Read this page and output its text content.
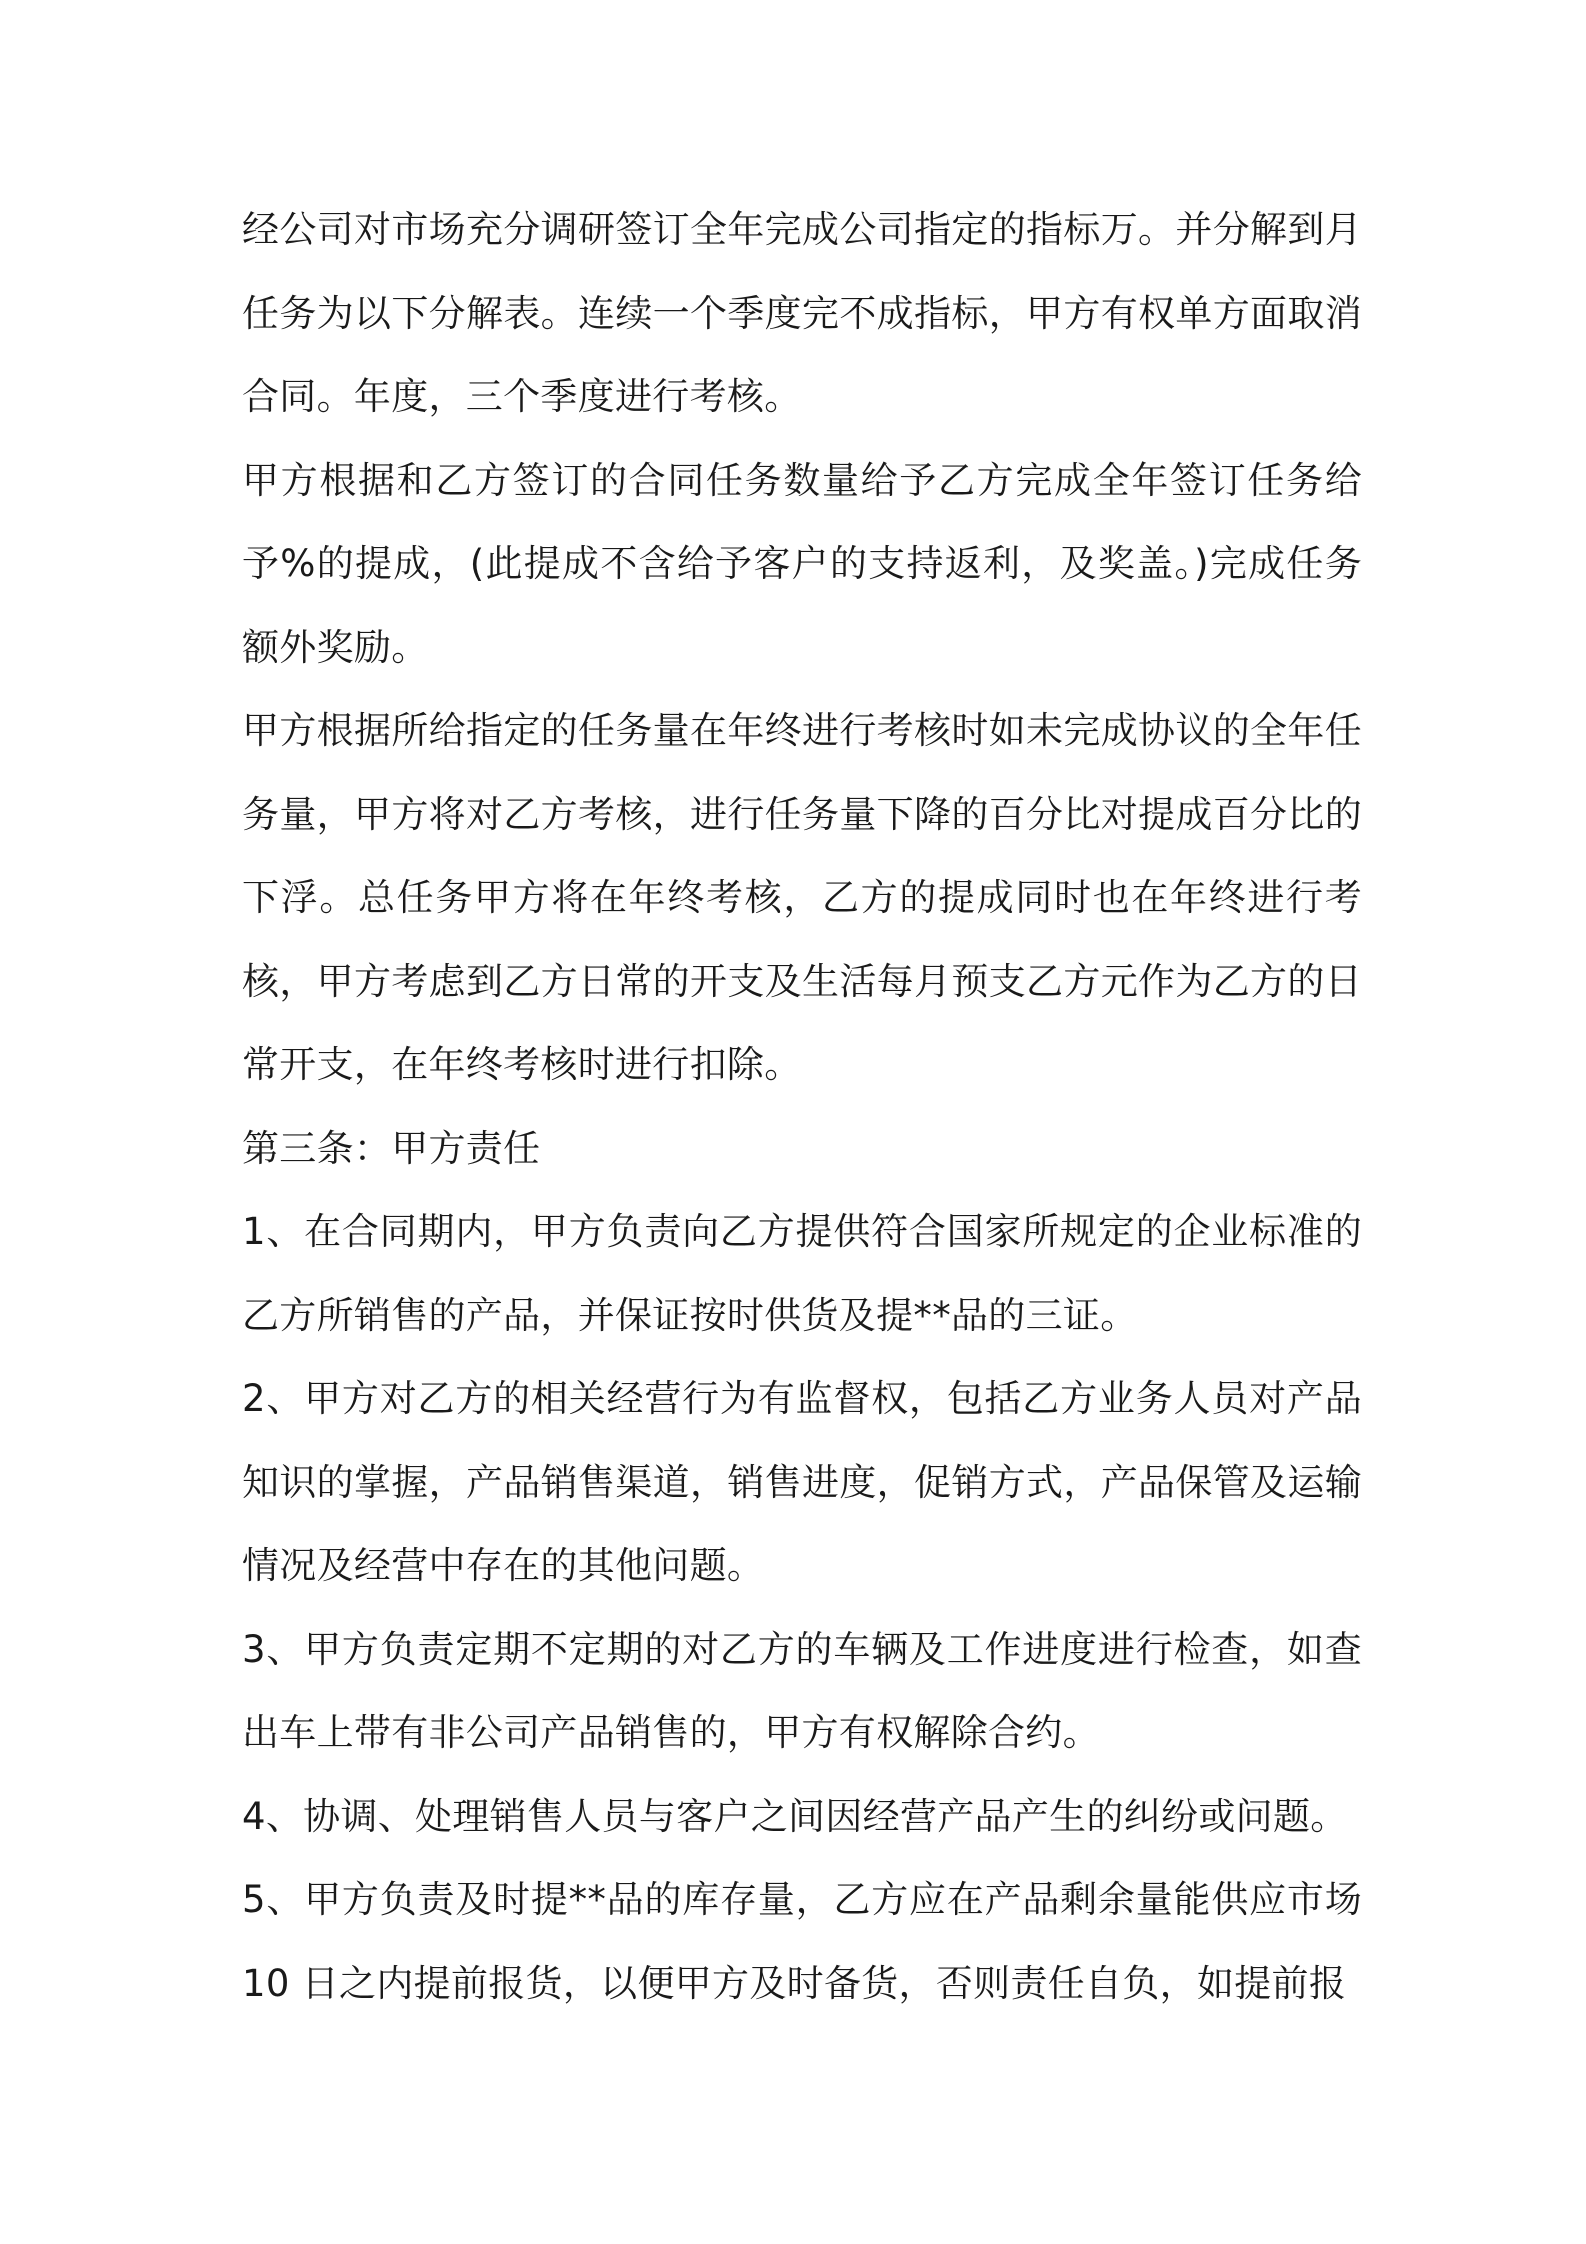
经公司对市场充分调研签订全年完成公司指定的指标万。并分解到月任务为以下分解表。连续一个季度完不成指标，甲方有权单方面取消合同。年度，三个季度进行考核。

甲方根据和乙方签订的合同任务数量给予乙方完成全年签订任务给予%的提成，(此提成不含给予客户的支持返利，及奖盖。)完成任务额外奖励。

甲方根据所给指定的任务量在年终进行考核时如未完成协议的全年任务量，甲方将对乙方考核，进行任务量下降的百分比对提成百分比的下浮。总任务甲方将在年终考核，乙方的提成同时也在年终进行考核，甲方考虑到乙方日常的开支及生活每月预支乙方元作为乙方的日常开支，在年终考核时进行扣除。

第三条：甲方责任

1、在合同期内，甲方负责向乙方提供符合国家所规定的企业标准的乙方所销售的产品，并保证按时供货及提**品的三证。

2、甲方对乙方的相关经营行为有监督权，包括乙方业务人员对产品知识的掌握，产品销售渠道，销售进度，促销方式，产品保管及运输情况及经营中存在的其他问题。

3、甲方负责定期不定期的对乙方的车辆及工作进度进行检查，如查出车上带有非公司产品销售的，甲方有权解除合约。

4、协调、处理销售人员与客户之间因经营产品产生的纠纷或问题。

5、甲方负责及时提**品的库存量，乙方应在产品剩余量能供应市场10 日之内提前报货，以便甲方及时备货，否则责任自负，如提前报
